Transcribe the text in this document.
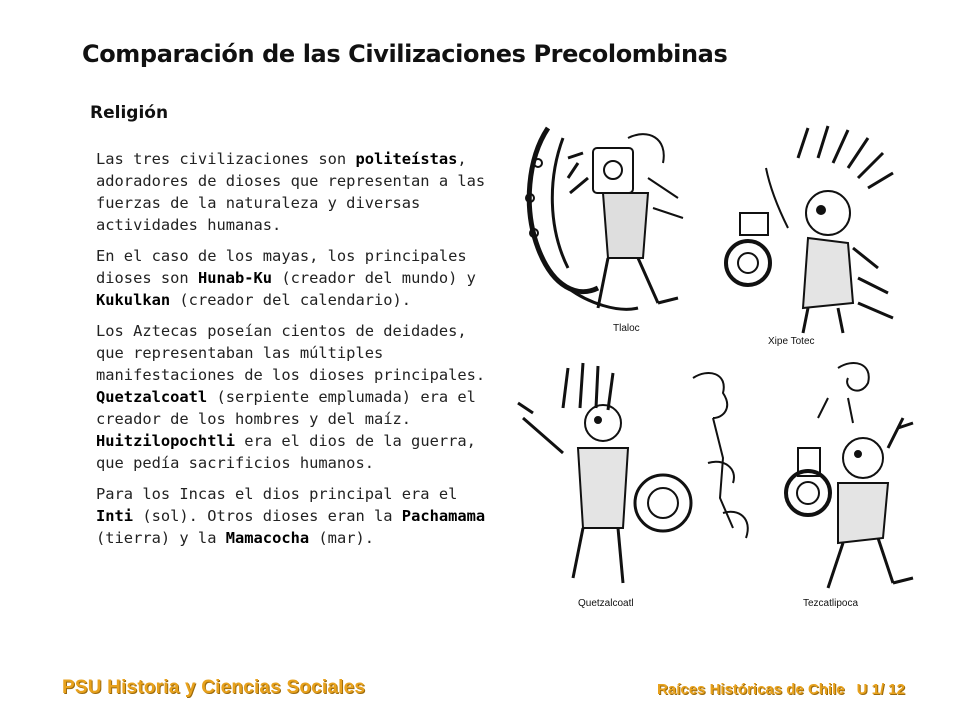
Comparación de las Civilizaciones Precolombinas
Religión

Las tres civilizaciones son politeístas, adoradores de dioses que representan a las fuerzas de la naturaleza y diversas actividades humanas.

En el caso de los mayas, los principales dioses son Hunab-Ku (creador del mundo) y Kukulkan (creador del calendario).

Los Aztecas poseían cientos de deidades, que representaban las múltiples manifestaciones de los dioses principales. Quetzalcoatl (serpiente emplumada) era el creador de los hombres y del maíz. Huitzilopochtli era el dios de la guerra, que pedía sacrificios humanos.

Para los Incas el dios principal era el Inti (sol). Otros dioses eran la Pachamama (tierra) y la Mamacocha (mar).

Tlaloc
Xipe Totec
Quetzalcoatl	Tezcatlipoca
PSU Historia y Ciencias Sociales	Raíces Históricas de Chile U 1/ 12
